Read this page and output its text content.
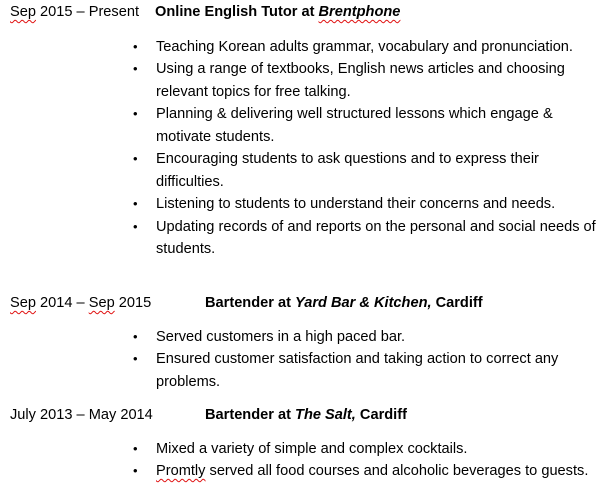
Sep 2015 – Present Online English Tutor at Brentphone
• Teaching Korean adults grammar, vocabulary and pronunciation.
• Using a range of textbooks, English news articles and choosing relevant topics for free talking.
• Planning & delivering well structured lessons which engage & motivate students.
• Encouraging students to ask questions and to express their difficulties.
• Listening to students to understand their concerns and needs.
• Updating records of and reports on the personal and social needs of students.
Sep 2014 – Sep 2015	Bartender at Yard Bar & Kitchen, Cardiff
• Served customers in a high paced bar.
• Ensured customer satisfaction and taking action to correct any problems.
July 2013 – May 2014	Bartender at The Salt, Cardiff
• Mixed a variety of simple and complex cocktails.
• Promtly served all food courses and alcoholic beverages to guests.
